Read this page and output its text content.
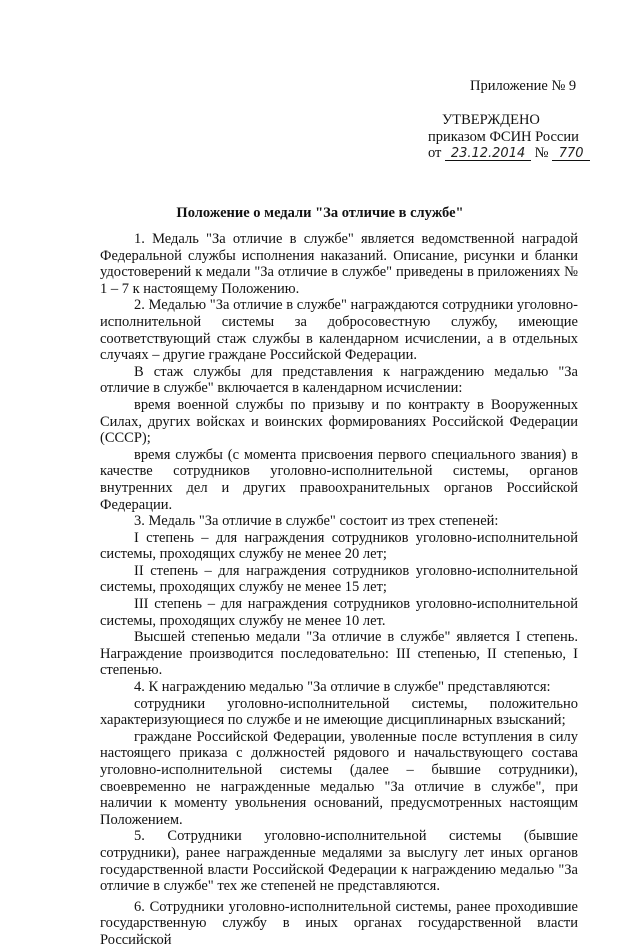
Приложение № 9
УТВЕРЖДЕНО
приказом ФСИН России
от 23.12.2014 № 770
Положение о медали "За отличие в службе"

1. Медаль "За отличие в службе" является ведомственной наградой Федеральной службы исполнения наказаний. Описание, рисунки и бланки удостоверений к медали "За отличие в службе" приведены в приложениях № 1 – 7 к настоящему Положению.

2. Медалью "За отличие в службе" награждаются сотрудники уголовно-исполнительной системы за добросовестную службу, имеющие соответствующий стаж службы в календарном исчислении, а в отдельных случаях – другие граждане Российской Федерации.

В стаж службы для представления к награждению медалью "За отличие в службе" включается в календарном исчислении:

время военной службы по призыву и по контракту в Вооруженных Силах, других войсках и воинских формированиях Российской Федерации (СССР);

время службы (с момента присвоения первого специального звания) в качестве сотрудников уголовно-исполнительной системы, органов внутренних дел и других правоохранительных органов Российской Федерации.

3. Медаль "За отличие в службе" состоит из трех степеней:

I степень – для награждения сотрудников уголовно-исполнительной системы, проходящих службу не менее 20 лет;

II степень – для награждения сотрудников уголовно-исполнительной системы, проходящих службу не менее 15 лет;

III степень – для награждения сотрудников уголовно-исполнительной системы, проходящих службу не менее 10 лет.

Высшей степенью медали "За отличие в службе" является I степень. Награждение производится последовательно: III степенью, II степенью, I степенью.

4. К награждению медалью "За отличие в службе" представляются:

сотрудники уголовно-исполнительной системы, положительно характеризующиеся по службе и не имеющие дисциплинарных взысканий;

граждане Российской Федерации, уволенные после вступления в силу настоящего приказа с должностей рядового и начальствующего состава уголовно-исполнительной системы (далее – бывшие сотрудники), своевременно не награжденные медалью "За отличие в службе", при наличии к моменту увольнения оснований, предусмотренных настоящим Положением.

5. Сотрудники уголовно-исполнительной системы (бывшие сотрудники), ранее награжденные медалями за выслугу лет иных органов государственной власти Российской Федерации к награждению медалью "За отличие в службе" тех же степеней не представляются.

6. Сотрудники уголовно-исполнительной системы, ранее проходившие государственную службу в иных органах государственной власти Российской
